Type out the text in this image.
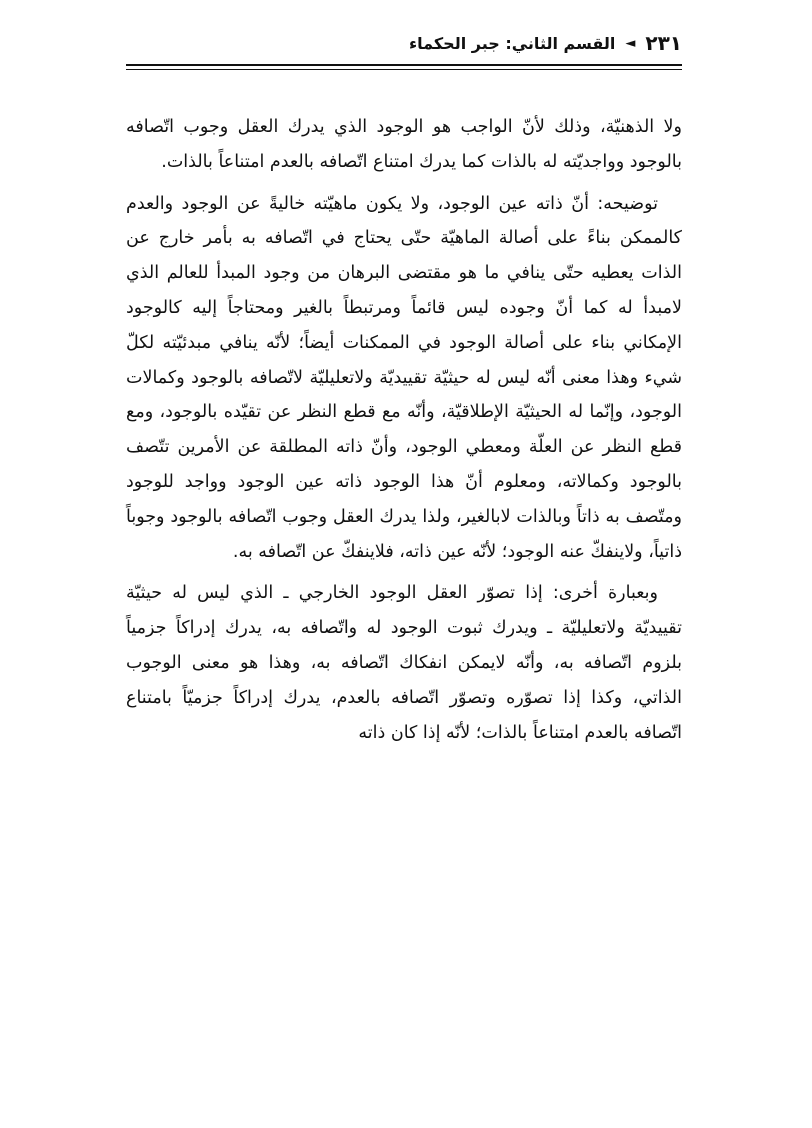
٢٣١
◄
القسم الثاني: جبر الحكماء

ولا الذهنيّة، وذلك لأنّ الواجب هو الوجود الذي يدرك العقل وجوب اتّصافه بالوجود وواجديّته له بالذات كما يدرك امتناع اتّصافه بالعدم امتناعاً بالذات.

توضيحه: أنّ ذاته عين الوجود، ولا يكون ماهيّته خاليةً عن الوجود والعدم كالممكن بناءً على أصالة الماهيّة حتّى يحتاج في اتّصافه به بأمر خارج عن الذات يعطيه حتّى ينافي ما هو مقتضى البرهان من وجود المبدأ للعالم الذي لامبدأ له كما أنّ وجوده ليس قائماً ومرتبطاً بالغير ومحتاجاً إليه كالوجود الإمكاني بناء على أصالة الوجود في الممكنات أيضاً؛ لأنّه ينافي مبدئيّته لكلّ شيء وهذا معنى أنّه ليس له حيثيّة تقييديّة ولاتعليليّة لاتّصافه بالوجود وكمالات الوجود، وإنّما له الحيثيّة الإطلاقيّة، وأنّه مع قطع النظر عن تقيّده بالوجود، ومع قطع النظر عن العلّة ومعطي الوجود، وأنّ ذاته المطلقة عن الأمرين تتّصف بالوجود وكمالاته، ومعلوم أنّ هذا الوجود ذاته عين الوجود وواجد للوجود ومتّصف به ذاتاً وبالذات لابالغير، ولذا يدرك العقل وجوب اتّصافه بالوجود وجوباً ذاتياً، ولاينفكّ عنه الوجود؛ لأنّه عين ذاته، فلاينفكّ عن اتّصافه به.

وبعبارة أخرى: إذا تصوّر العقل الوجود الخارجي ـ الذي ليس له حيثيّة تقييديّة ولاتعليليّة ـ ويدرك ثبوت الوجود له واتّصافه به، يدرك إدراكاً جزمياً بلزوم اتّصافه به، وأنّه لايمكن انفكاك اتّصافه به، وهذا هو معنى الوجوب الذاتي، وكذا إذا تصوّره وتصوّر اتّصافه بالعدم، يدرك إدراكاً جزميّاً بامتناع اتّصافه بالعدم امتناعاً بالذات؛ لأنّه إذا كان ذاته
